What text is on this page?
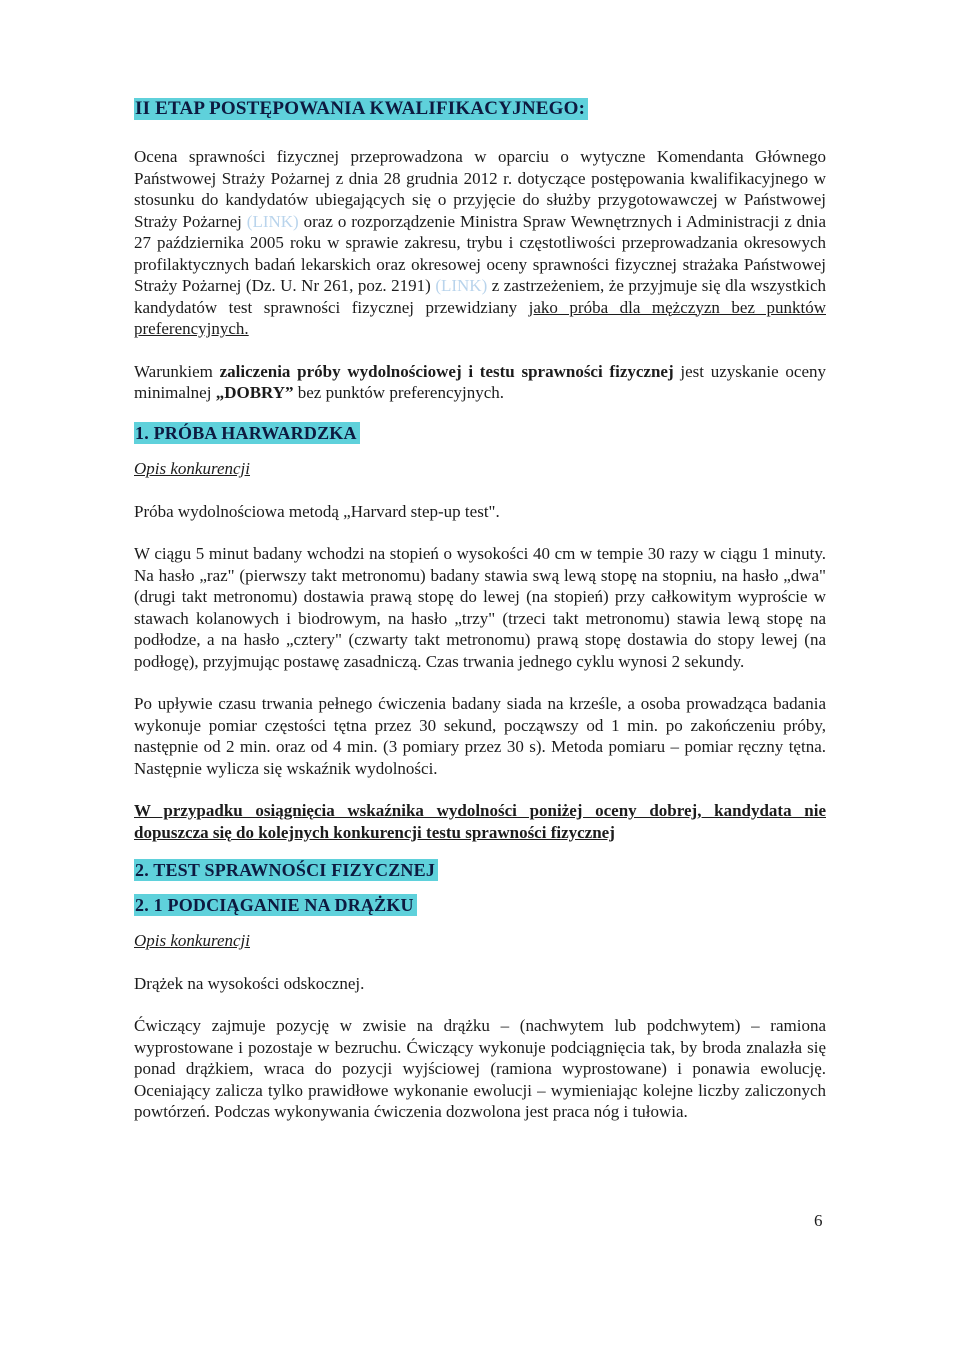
II ETAP POSTĘPOWANIA KWALIFIKACYJNEGO:

Ocena sprawności fizycznej przeprowadzona w oparciu o wytyczne Komendanta Głównego Państwowej Straży Pożarnej z dnia 28 grudnia 2012 r. dotyczące postępowania kwalifikacyjnego w stosunku do kandydatów ubiegających się o przyjęcie do służby przygotowawczej w Państwowej Straży Pożarnej (LINK) oraz o rozporządzenie Ministra Spraw Wewnętrznych i Administracji z dnia 27 października 2005 roku w sprawie zakresu, trybu i częstotliwości przeprowadzania okresowych profilaktycznych badań lekarskich oraz okresowej oceny sprawności fizycznej strażaka Państwowej Straży Pożarnej (Dz. U. Nr 261, poz. 2191) (LINK) z zastrzeżeniem, że przyjmuje się dla wszystkich kandydatów test sprawności fizycznej przewidziany jako próba dla mężczyzn bez punktów preferencyjnych.

Warunkiem zaliczenia próby wydolnościowej i testu sprawności fizycznej jest uzyskanie oceny minimalnej „DOBRY” bez punktów preferencyjnych.

1. PRÓBA HARWARDZKA

Opis konkurencji

Próba wydolnościowa metodą „Harvard step-up test".

W ciągu 5 minut badany wchodzi na stopień o wysokości 40 cm w tempie 30 razy w ciągu 1 minuty. Na hasło „raz" (pierwszy takt metronomu) badany stawia swą lewą stopę na stopniu, na hasło „dwa" (drugi takt metronomu) dostawia prawą stopę do lewej (na stopień) przy całkowitym wyproście w stawach kolanowych i biodrowym, na hasło „trzy" (trzeci takt metronomu) stawia lewą stopę na podłodze, a na hasło „cztery" (czwarty takt metronomu) prawą stopę dostawia do stopy lewej (na podłogę), przyjmując postawę zasadniczą. Czas trwania jednego cyklu wynosi 2 sekundy.

Po upływie czasu trwania pełnego ćwiczenia badany siada na krześle, a osoba prowadząca badania wykonuje pomiar częstości tętna przez 30 sekund, począwszy od 1 min. po zakończeniu próby, następnie od 2 min. oraz od 4 min. (3 pomiary przez 30 s). Metoda pomiaru – pomiar ręczny tętna. Następnie wylicza się wskaźnik wydolności.

W przypadku osiągnięcia wskaźnika wydolności poniżej oceny dobrej, kandydata nie dopuszcza się do kolejnych konkurencji testu sprawności fizycznej

2. TEST SPRAWNOŚCI FIZYCZNEJ
2. 1 PODCIĄGANIE NA DRĄŻKU

Opis konkurencji

Drążek na wysokości odskocznej.

Ćwiczący zajmuje pozycję w zwisie na drążku – (nachwytem lub podchwytem) – ramiona wyprostowane i pozostaje w bezruchu. Ćwiczący wykonuje podciągnięcia tak, by broda znalazła się ponad drążkiem, wraca do pozycji wyjściowej (ramiona wyprostowane) i ponawia ewolucję. Oceniający zalicza tylko prawidłowe wykonanie ewolucji – wymieniając kolejne liczby zaliczonych powtórzeń. Podczas wykonywania ćwiczenia dozwolona jest praca nóg i tułowia.

6
